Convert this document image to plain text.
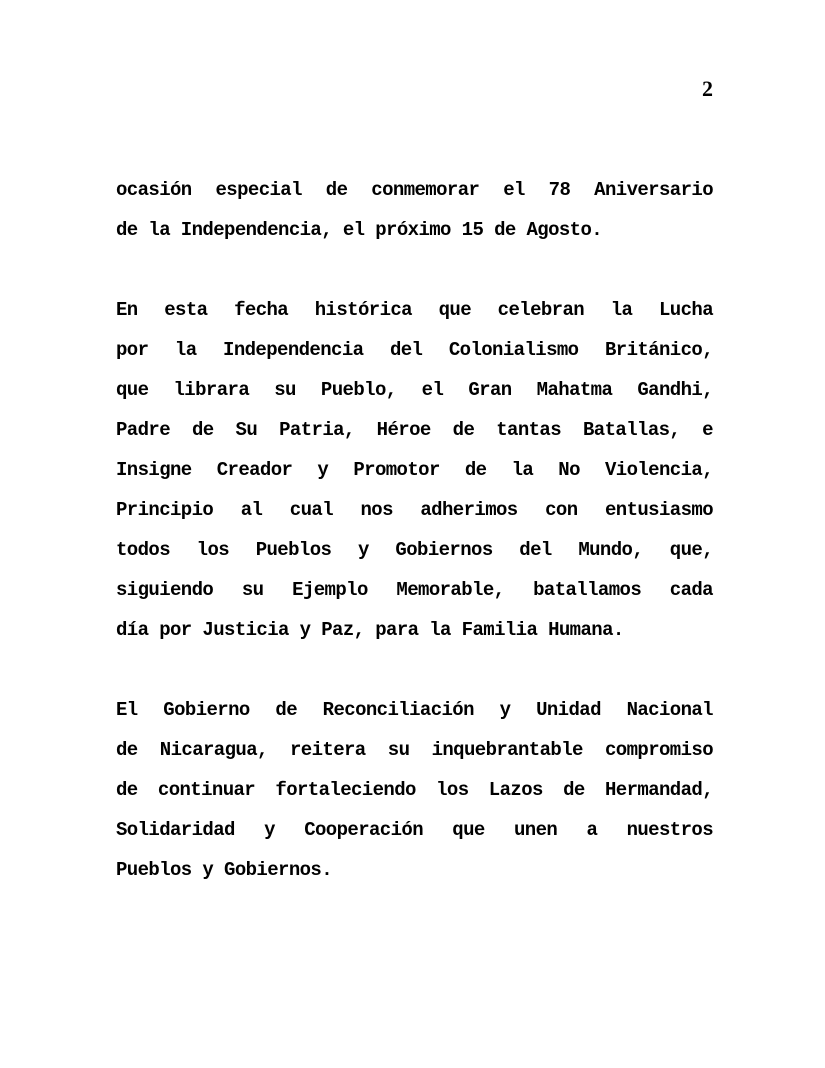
2
ocasión especial de conmemorar el 78 Aniversario
de la Independencia, el próximo 15 de Agosto.
En esta fecha histórica que celebran la Lucha
por la Independencia del Colonialismo Británico,
que librara su Pueblo, el Gran Mahatma Gandhi,
Padre de Su Patria, Héroe de tantas Batallas, e
Insigne Creador y Promotor de la No Violencia,
Principio al cual nos adherimos con entusiasmo
todos los Pueblos y Gobiernos del Mundo, que,
siguiendo su Ejemplo Memorable, batallamos cada
día por Justicia y Paz, para la Familia Humana.
El Gobierno de Reconciliación y Unidad Nacional
de Nicaragua, reitera su inquebrantable compromiso
de continuar fortaleciendo los Lazos de Hermandad,
Solidaridad y Cooperación que unen a nuestros
Pueblos y Gobiernos.
